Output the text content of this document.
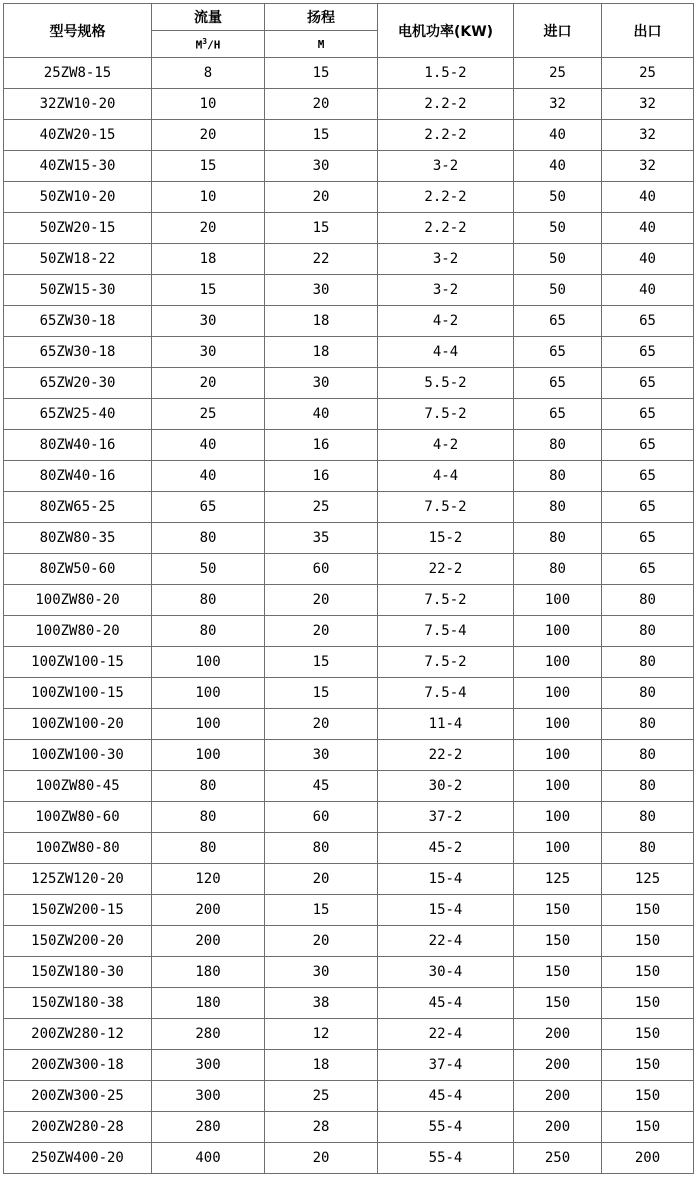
型号规格	流量	扬程	电机功率(KW)	进口	出口
	$M^3/H$	M			
25ZW8-15	8	15	1.5-2	25	25
32ZW10-20	10	20	2.2-2	32	32
40ZW20-15	20	15	2.2-2	40	32
40ZW15-30	15	30	3-2	40	32
50ZW10-20	10	20	2.2-2	50	40
50ZW20-15	20	15	2.2-2	50	40
50ZW18-22	18	22	3-2	50	40
50ZW15-30	15	30	3-2	50	40
65ZW30-18	30	18	4-2	65	65
65ZW30-18	30	18	4-4	65	65
65ZW20-30	20	30	5.5-2	65	65
65ZW25-40	25	40	7.5-2	65	65
80ZW40-16	40	16	4-2	80	65
80ZW40-16	40	16	4-4	80	65
80ZW65-25	65	25	7.5-2	80	65
80ZW80-35	80	35	15-2	80	65
80ZW50-60	50	60	22-2	80	65
100ZW80-20	80	20	7.5-2	100	80
100ZW80-20	80	20	7.5-4	100	80
100ZW100-15	100	15	7.5-2	100	80
100ZW100-15	100	15	7.5-4	100	80
100ZW100-20	100	20	11-4	100	80
100ZW100-30	100	30	22-2	100	80
100ZW80-45	80	45	30-2	100	80
100ZW80-60	80	60	37-2	100	80
100ZW80-80	80	80	45-2	100	80
125ZW120-20	120	20	15-4	125	125
150ZW200-15	200	15	15-4	150	150
150ZW200-20	200	20	22-4	150	150
150ZW180-30	180	30	30-4	150	150
150ZW180-38	180	38	45-4	150	150
200ZW280-12	280	12	22-4	200	150
200ZW300-18	300	18	37-4	200	150
200ZW300-25	300	25	45-4	200	150
200ZW280-28	280	28	55-4	200	150
250ZW400-20	400	20	55-4	250	200
